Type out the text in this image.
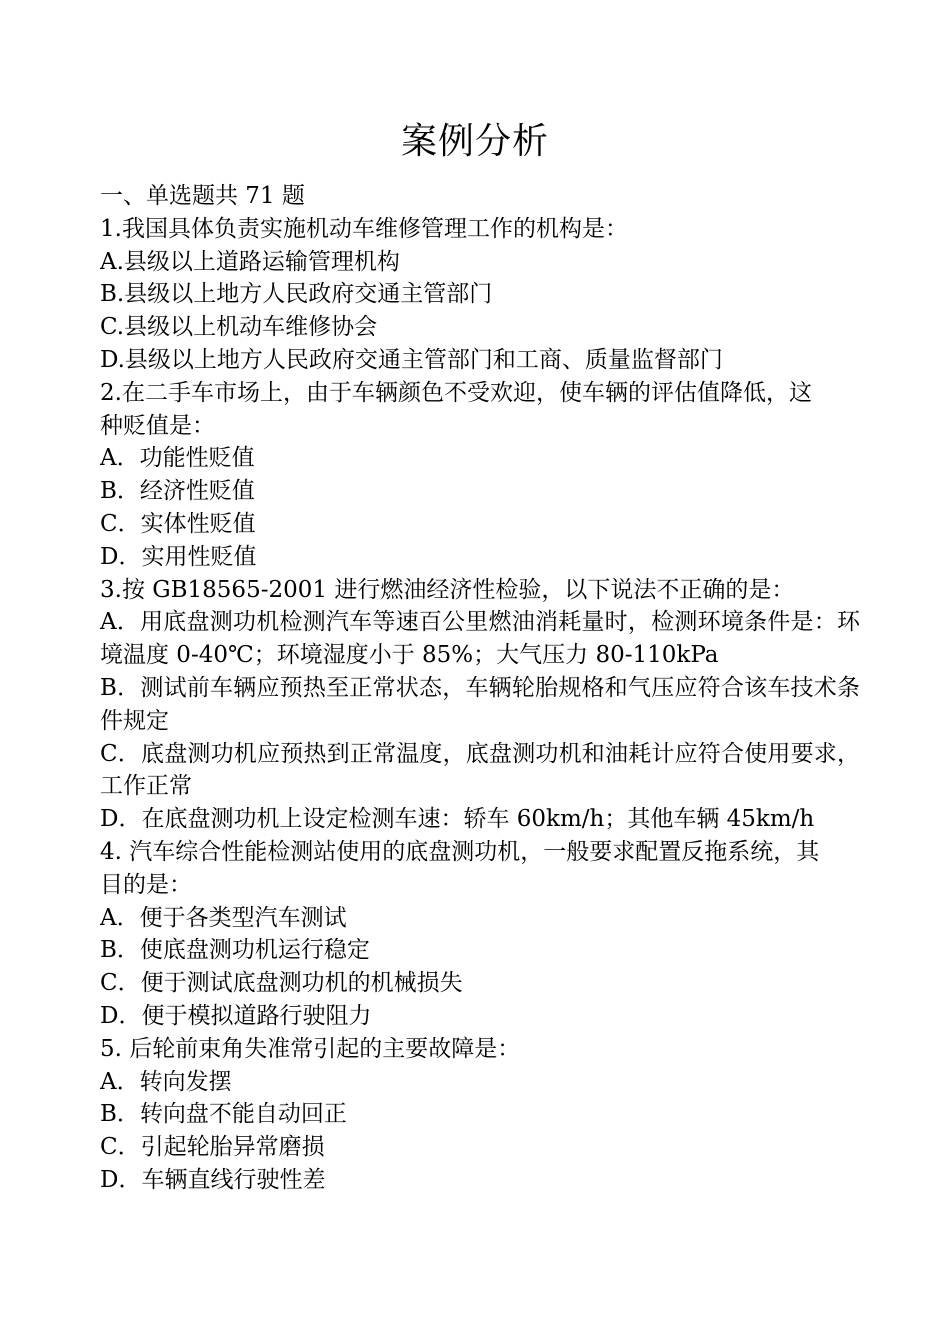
案例分析
一、单选题共 71 题
1.我国具体负责实施机动车维修管理工作的机构是：
A.县级以上道路运输管理机构
B.县级以上地方人民政府交通主管部门
C.县级以上机动车维修协会
D.县级以上地方人民政府交通主管部门和工商、质量监督部门
2.在二手车市场上，由于车辆颜色不受欢迎，使车辆的评估值降低，这种贬值是：
A．功能性贬值
B．经济性贬值
C．实体性贬值
D．实用性贬值
3.按 GB18565-2001 进行燃油经济性检验，以下说法不正确的是：
A．用底盘测功机检测汽车等速百公里燃油消耗量时，检测环境条件是：环境温度 0-40℃；环境湿度小于 85%；大气压力 80-110kPa
B．测试前车辆应预热至正常状态，车辆轮胎规格和气压应符合该车技术条件规定
C．底盘测功机应预热到正常温度，底盘测功机和油耗计应符合使用要求，工作正常
D．在底盘测功机上设定检测车速：轿车 60km/h；其他车辆 45km/h
4. 汽车综合性能检测站使用的底盘测功机，一般要求配置反拖系统，其目的是：
A．便于各类型汽车测试
B．使底盘测功机运行稳定
C．便于测试底盘测功机的机械损失
D．便于模拟道路行驶阻力
5. 后轮前束角失准常引起的主要故障是：
A．转向发摆
B．转向盘不能自动回正
C．引起轮胎异常磨损
D．车辆直线行驶性差
